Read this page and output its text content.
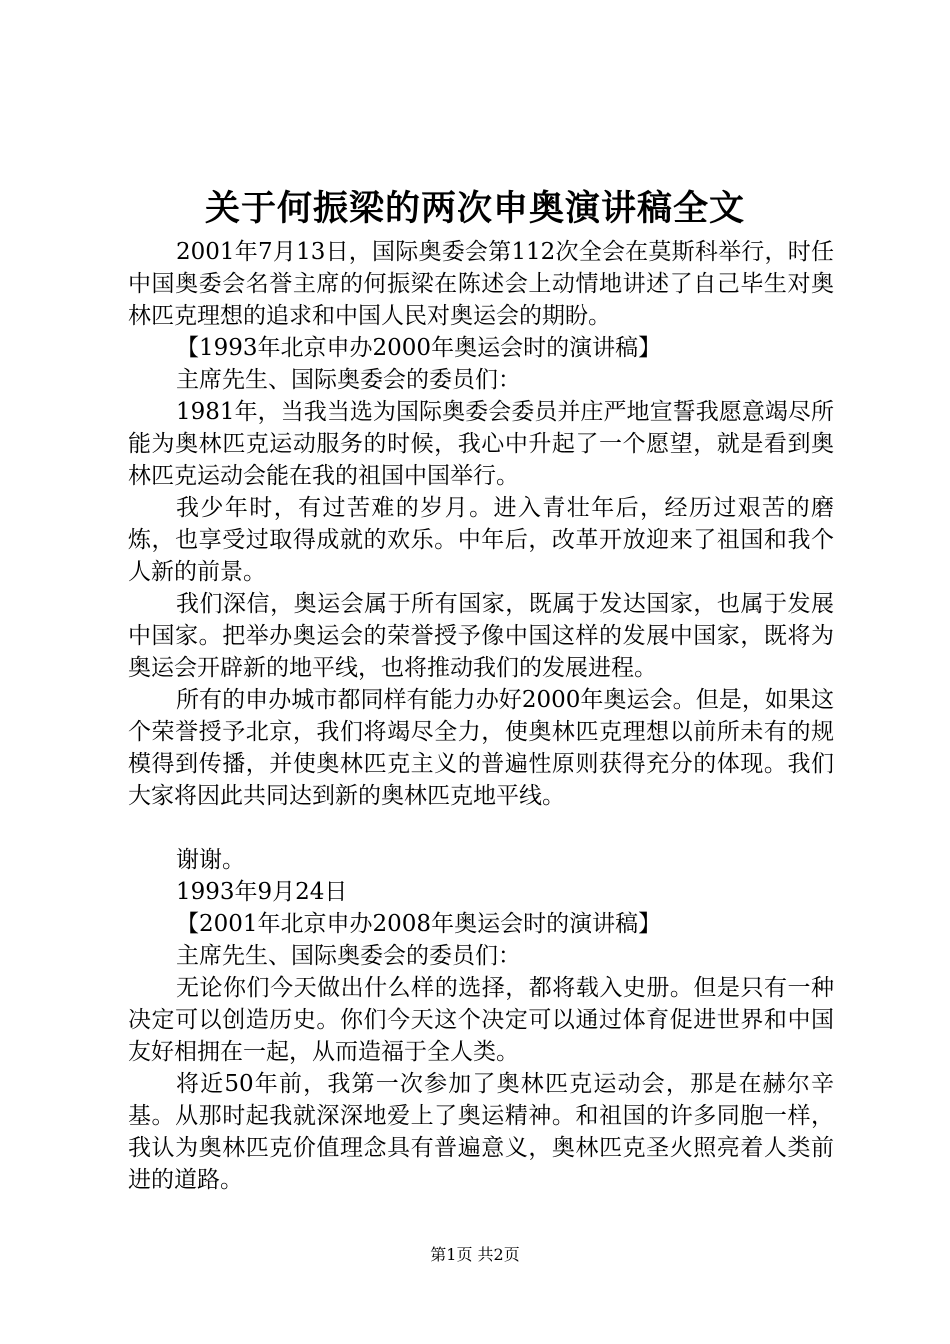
关于何振梁的两次申奥演讲稿全文

2001年7月13日，国际奥委会第112次全会在莫斯科举行，时任中国奥委会名誉主席的何振梁在陈述会上动情地讲述了自己毕生对奥林匹克理想的追求和中国人民对奥运会的期盼。

【1993年北京申办2000年奥运会时的演讲稿】

主席先生、国际奥委会的委员们：

1981年，当我当选为国际奥委会委员并庄严地宣誓我愿意竭尽所能为奥林匹克运动服务的时候，我心中升起了一个愿望，就是看到奥林匹克运动会能在我的祖国中国举行。

我少年时，有过苦难的岁月。进入青壮年后，经历过艰苦的磨炼，也享受过取得成就的欢乐。中年后，改革开放迎来了祖国和我个人新的前景。

我们深信，奥运会属于所有国家，既属于发达国家，也属于发展中国家。把举办奥运会的荣誉授予像中国这样的发展中国家，既将为奥运会开辟新的地平线，也将推动我们的发展进程。

所有的申办城市都同样有能力办好2000年奥运会。但是，如果这个荣誉授予北京，我们将竭尽全力，使奥林匹克理想以前所未有的规模得到传播，并使奥林匹克主义的普遍性原则获得充分的体现。我们大家将因此共同达到新的奥林匹克地平线。

谢谢。

1993年9月24日

【2001年北京申办2008年奥运会时的演讲稿】

主席先生、国际奥委会的委员们：

无论你们今天做出什么样的选择，都将载入史册。但是只有一种决定可以创造历史。你们今天这个决定可以通过体育促进世界和中国友好相拥在一起，从而造福于全人类。

将近50年前，我第一次参加了奥林匹克运动会，那是在赫尔辛基。从那时起我就深深地爱上了奥运精神。和祖国的许多同胞一样，我认为奥林匹克价值理念具有普遍意义，奥林匹克圣火照亮着人类前进的道路。

第1页 共2页
